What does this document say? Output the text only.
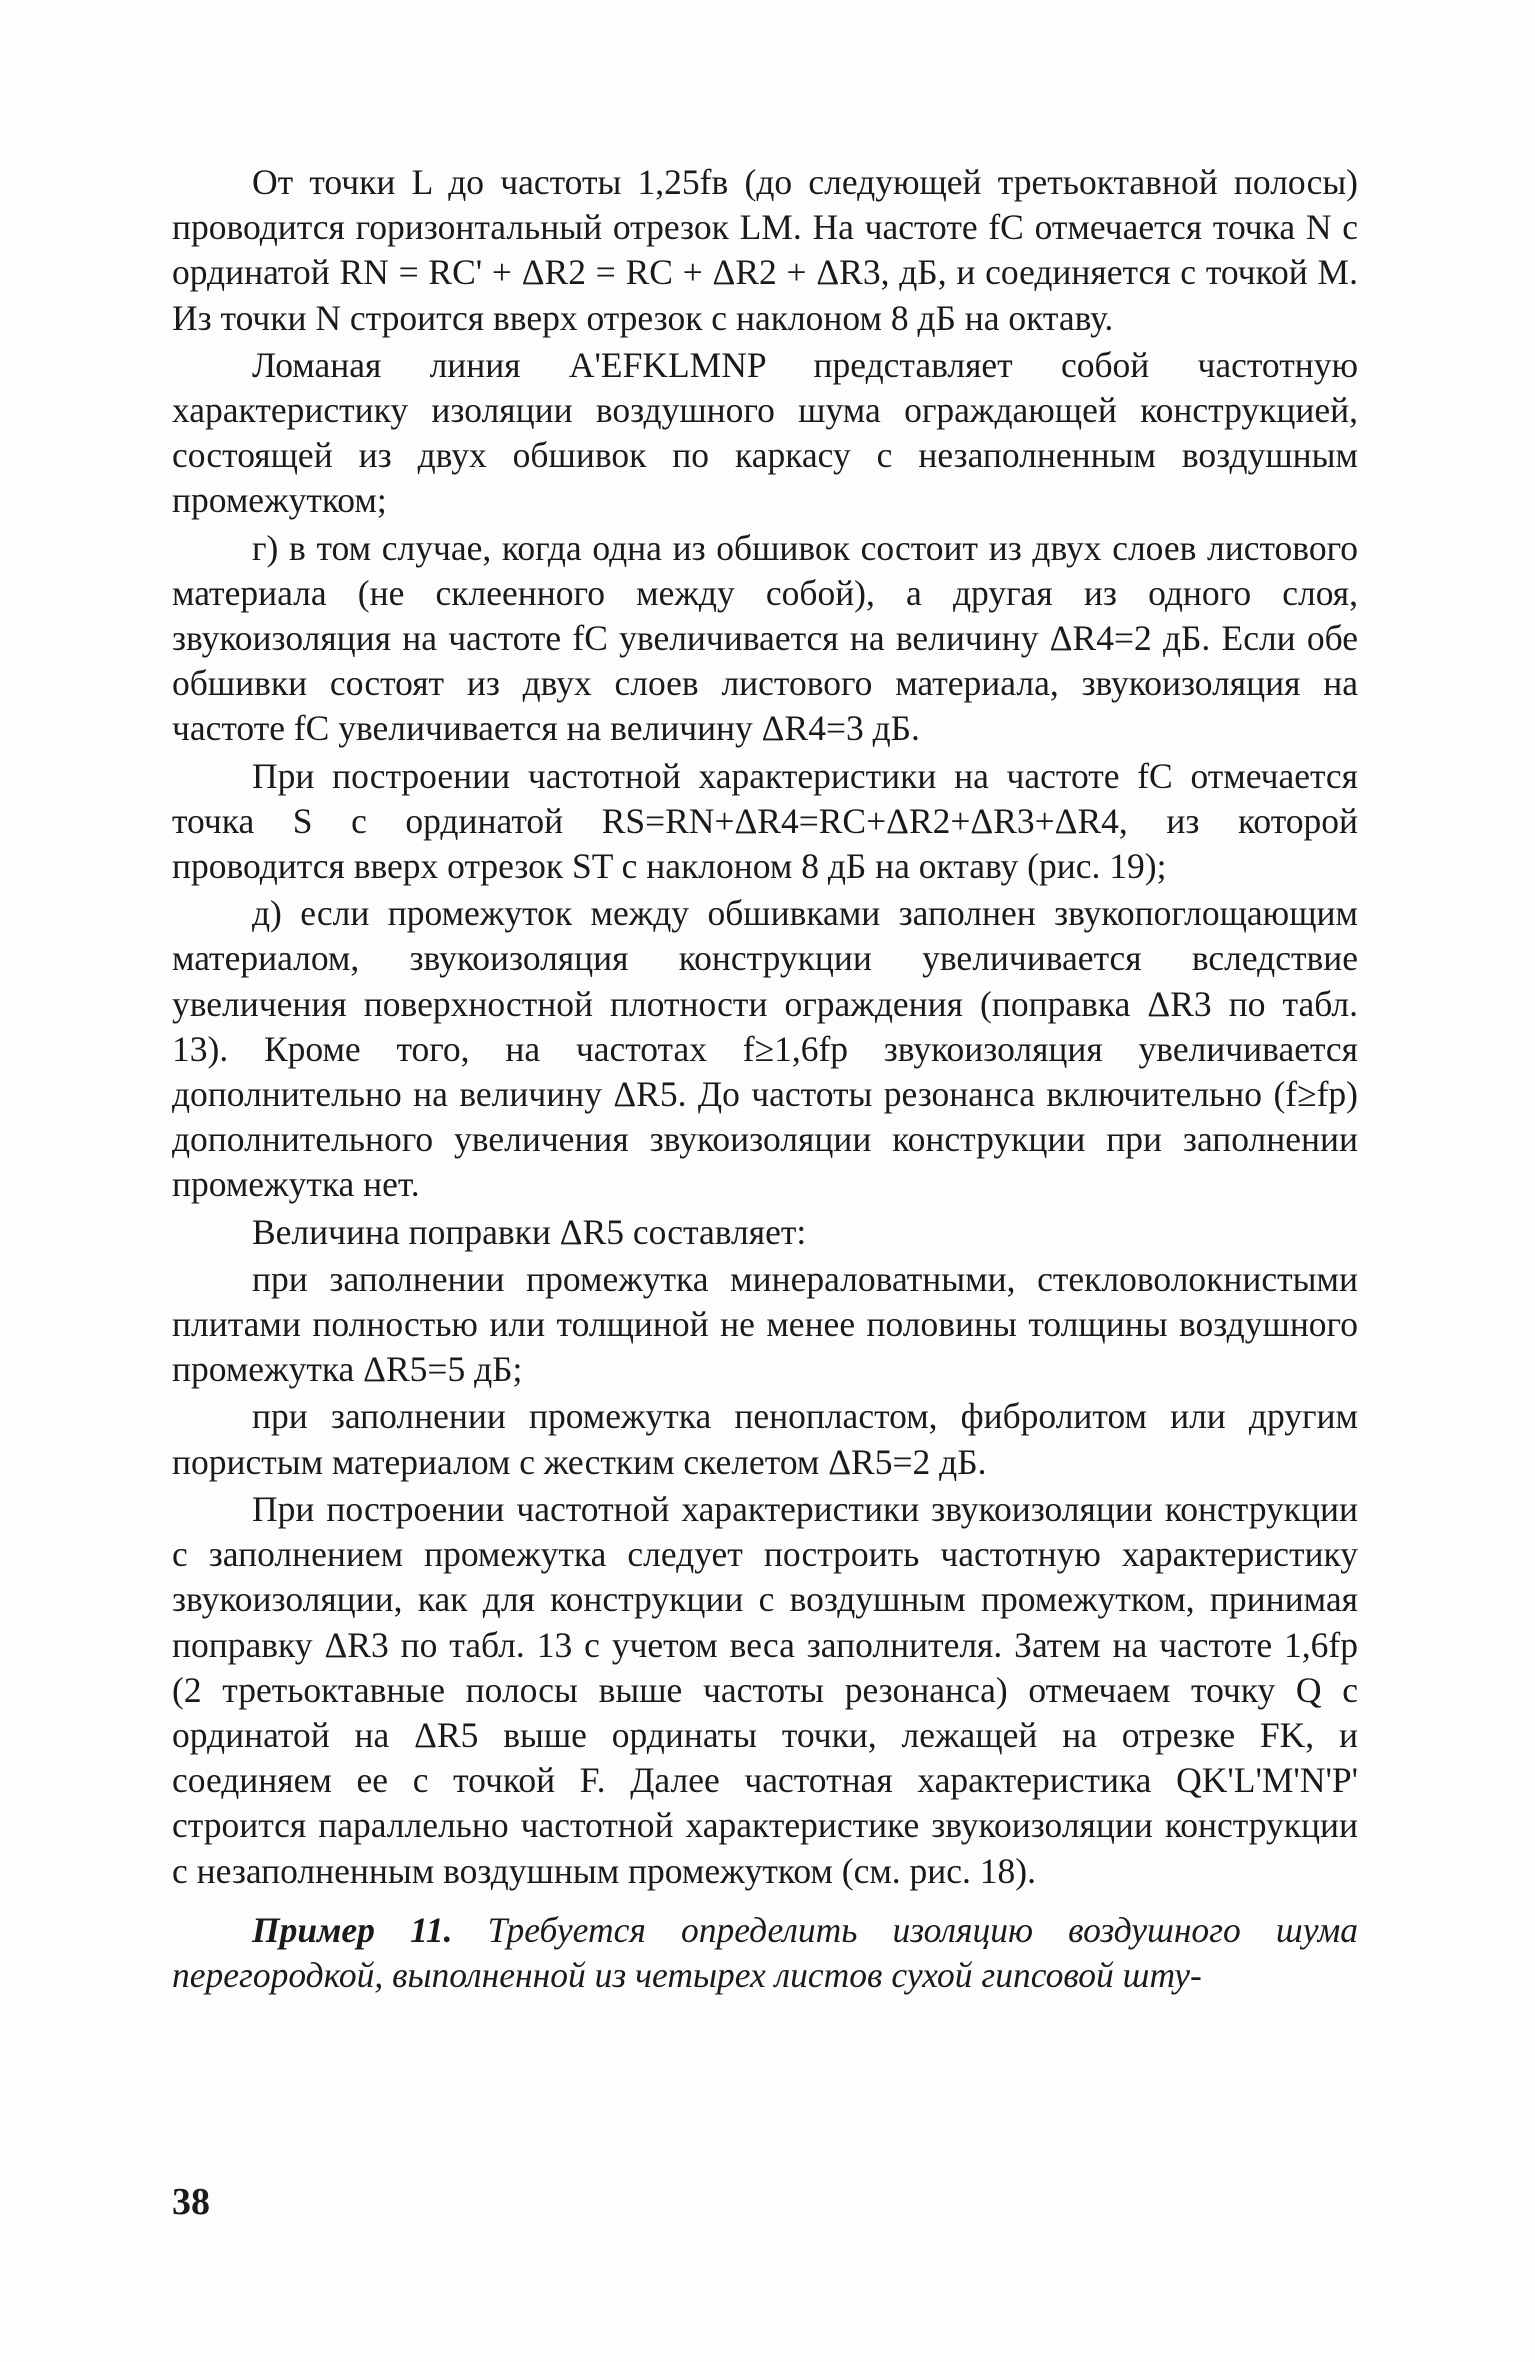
От точки L до частоты 1,25fв (до следующей третьоктавной полосы) проводится горизонтальный отрезок LM. На частоте fC отмечается точка N с ординатой RN = RC' + ΔR2 = RC + ΔR2 + ΔR3, дБ, и соединяется с точкой M. Из точки N строится вверх отрезок с наклоном 8 дБ на октаву.

Ломаная линия A'EFKLMNP представляет собой частотную характеристику изоляции воздушного шума ограждающей конструкцией, состоящей из двух обшивок по каркасу с незаполненным воздушным промежутком;

г) в том случае, когда одна из обшивок состоит из двух слоев листового материала (не склеенного между собой), а другая из одного слоя, звукоизоляция на частоте fC увеличивается на величину ΔR4=2 дБ. Если обе обшивки состоят из двух слоев листового материала, звукоизоляция на частоте fC увеличивается на величину ΔR4=3 дБ.

При построении частотной характеристики на частоте fC отмечается точка S с ординатой RS=RN+ΔR4=RC+ΔR2+ΔR3+ΔR4, из которой проводится вверх отрезок ST с наклоном 8 дБ на октаву (рис. 19);

д) если промежуток между обшивками заполнен звукопоглощающим материалом, звукоизоляция конструкции увеличивается вследствие увеличения поверхностной плотности ограждения (поправка ΔR3 по табл. 13). Кроме того, на частотах f≥1,6fр звукоизоляция увеличивается дополнительно на величину ΔR5. До частоты резонанса включительно (f≥fр) дополнительного увеличения звукоизоляции конструкции при заполнении промежутка нет.

Величина поправки ΔR5 составляет:

при заполнении промежутка минераловатными, стекловолокнистыми плитами полностью или толщиной не менее половины толщины воздушного промежутка ΔR5=5 дБ;

при заполнении промежутка пенопластом, фибролитом или другим пористым материалом с жестким скелетом ΔR5=2 дБ.

При построении частотной характеристики звукоизоляции конструкции с заполнением промежутка следует построить частотную характеристику звукоизоляции, как для конструкции с воздушным промежутком, принимая поправку ΔR3 по табл. 13 с учетом веса заполнителя. Затем на частоте 1,6fр (2 третьоктавные полосы выше частоты резонанса) отмечаем точку Q с ординатой на ΔR5 выше ординаты точки, лежащей на отрезке FK, и соединяем ее с точкой F. Далее частотная характеристика QK'L'M'N'P' строится параллельно частотной характеристике звукоизоляции конструкции с незаполненным воздушным промежутком (см. рис. 18).

Пример 11. Требуется определить изоляцию воздушного шума перегородкой, выполненной из четырех листов сухой гипсовой шту-

38
